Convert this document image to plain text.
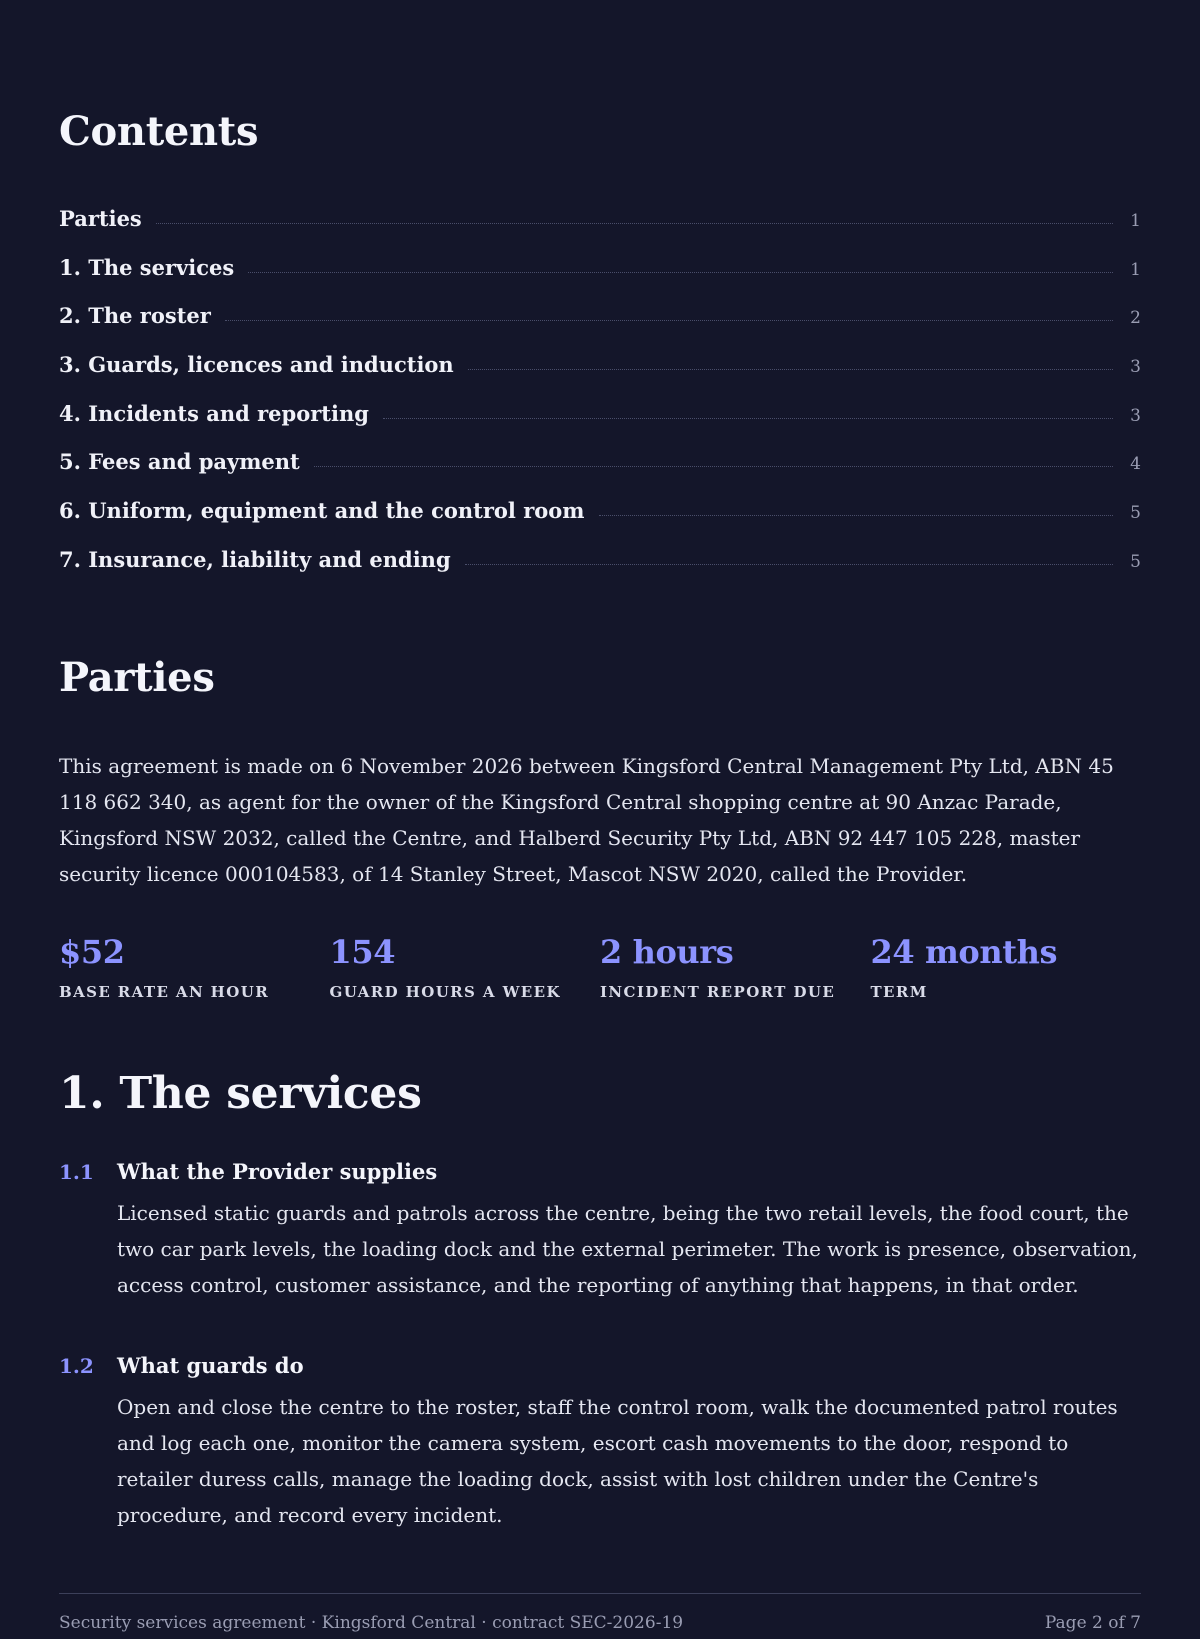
Contents
Parties	1
1. The services	1
2. The roster	2
3. Guards, licences and induction	3
4. Incidents and reporting	3
5. Fees and payment	4
6. Uniform, equipment and the control room	5
7. Insurance, liability and ending	5
Parties

This agreement is made on 6 November 2026 between Kingsford Central Management Pty Ltd, ABN 45 118 662 340, as agent for the owner of the Kingsford Central shopping centre at 90 Anzac Parade, Kingsford NSW 2032, called the Centre, and Halberd Security Pty Ltd, ABN 92 447 105 228, master security licence 000104583, of 14 Stanley Street, Mascot NSW 2020, called the Provider.

$52
BASE RATE AN HOUR
154
GUARD HOURS A WEEK
2 hours
INCIDENT REPORT DUE
24 months
TERM
1. The services
1.1	What the Provider supplies

Licensed static guards and patrols across the centre, being the two retail levels, the food court, the two car park levels, the loading dock and the external perimeter. The work is presence, observation, access control, customer assistance, and the reporting of anything that happens, in that order.

1.2	What guards do

Open and close the centre to the roster, staff the control room, walk the documented patrol routes and log each one, monitor the camera system, escort cash movements to the door, respond to retailer duress calls, manage the loading dock, assist with lost children under the Centre's procedure, and record every incident.

Security services agreement · Kingsford Central · contract SEC-2026-19	Page 2 of 7
